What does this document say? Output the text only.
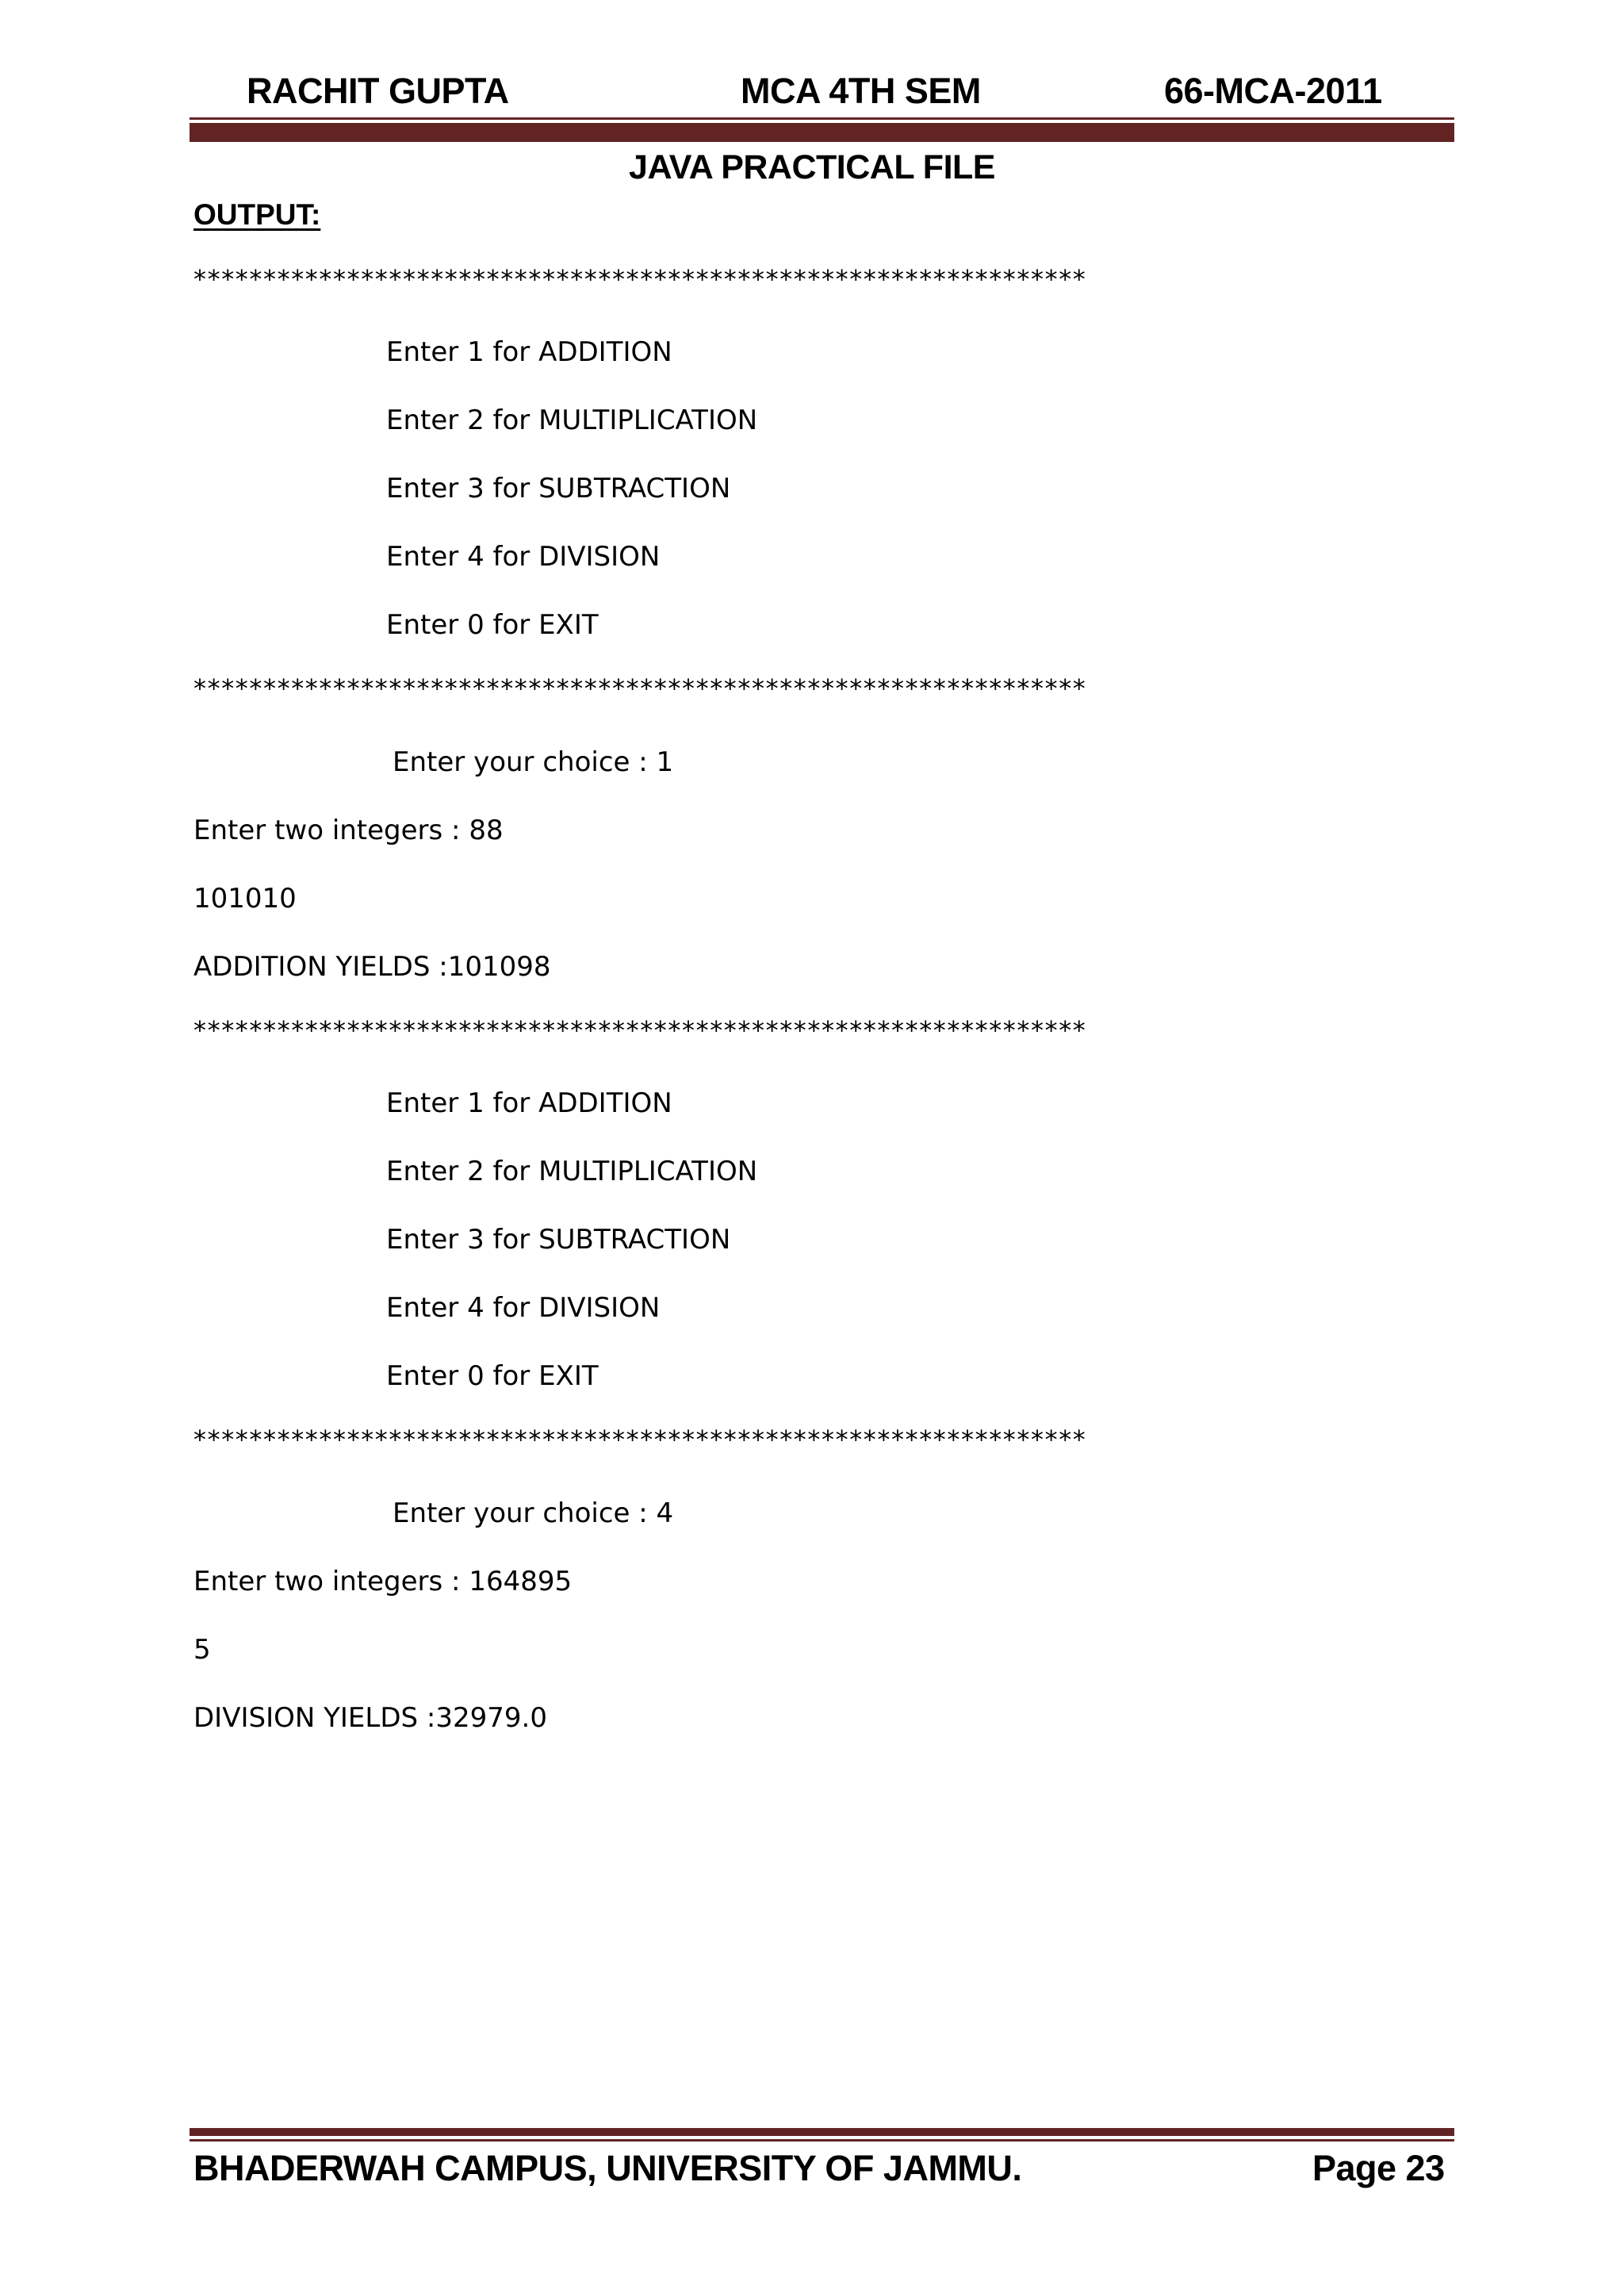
RACHIT GUPTA	MCA 4TH SEM	66-MCA-2011
JAVA PRACTICAL FILE
OUTPUT:
****************************************************************
Enter 1 for ADDITION
Enter 2 for MULTIPLICATION
Enter 3 for SUBTRACTION
Enter 4 for DIVISION
Enter 0 for EXIT
****************************************************************
Enter your choice : 1
Enter two integers : 88
101010
ADDITION YIELDS :101098
****************************************************************
Enter 1 for ADDITION
Enter 2 for MULTIPLICATION
Enter 3 for SUBTRACTION
Enter 4 for DIVISION
Enter 0 for EXIT
****************************************************************
Enter your choice : 4
Enter two integers : 164895
5
DIVISION YIELDS :32979.0
BHADERWAH CAMPUS, UNIVERSITY OF JAMMU.	Page 23
